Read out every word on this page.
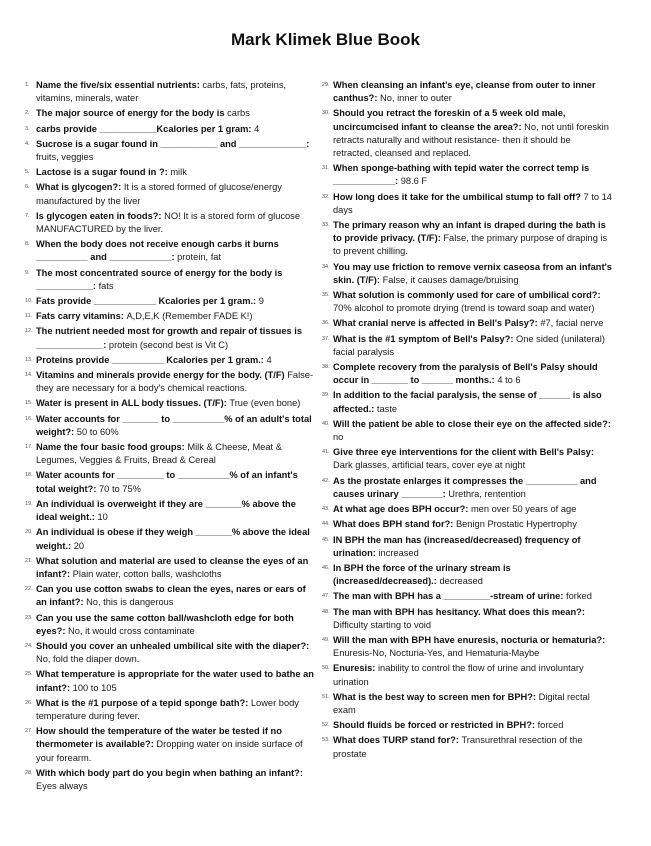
Mark Klimek Blue Book
1. Name the five/six essential nutrients: carbs, fats, proteins, vitamins, minerals, water
2. The major source of energy for the body is carbs
3. carbs provide ___________Kcalories per 1 gram: 4
4. Sucrose is a sugar found in ___________ and _____________: fruits, veggies
5. Lactose is a sugar found in ?: milk
6. What is glycogen?: It is a stored formed of glucose/energy manufactured by the liver
7. Is glycogen eaten in foods?: NO! It is a stored form of glucose MANUFACTURED by the liver.
8. When the body does not receive enough carbs it burns __________ and ____________: protein, fat
9. The most concentrated source of energy for the body is ___________: fats
10. Fats provide ____________ Kcalories per 1 gram.: 9
11. Fats carry vitamins: A,D,E,K (Remember FADE K!)
12. The nutrient needed most for growth and repair of tissues is _____________: protein (second best is Vit C)
13. Proteins provide __________ Kcalories per 1 gram.: 4
14. Vitamins and minerals provide energy for the body. (T/F) False- they are necessary for a body's chemical reactions.
15. Water is present in ALL body tissues. (T/F): True (even bone)
16. Water accounts for _______ to __________% of an adult's total weight?: 50 to 60%
17. Name the four basic food groups: Milk & Cheese, Meat & Legumes, Veggies & Fruits, Bread & Cereal
18. Water acounts for _________ to __________% of an infant's total weight?: 70 to 75%
19. An individual is overweight if they are _______% above the ideal weight.: 10
20. An individual is obese if they weigh _______% above the ideal weight.: 20
21. What solution and material are used to cleanse the eyes of an infant?: Plain water, cotton balls, washcloths
22. Can you use cotton swabs to clean the eyes, nares or ears of an infant?: No, this is dangerous
23. Can you use the same cotton ball/washcloth edge for both eyes?: No, it would cross contaminate
24. Should you cover an unhealed umbilical site with the diaper?: No, fold the diaper down.
25. What temperature is appropriate for the water used to bathe an infant?: 100 to 105
26. What is the #1 purpose of a tepid sponge bath?: Lower body temperature during fever.
27. How should the temperature of the water be tested if no thermometer is available?: Dropping water on inside surface of your forearm.
28. With which body part do you begin when bathing an infant?: Eyes always
29. When cleansing an infant's eye, cleanse from outer to inner canthus?: No, inner to outer
30. Should you retract the foreskin of a 5 week old male, uncircumcised infant to cleanse the area?: No, not until foreskin retracts naturally and without resistance- then it should be retracted, cleansed and replaced.
31. When sponge-bathing with tepid water the correct temp is ____________: 98.6 F
32. How long does it take for the umbilical stump to fall off? 7 to 14 days
33. The primary reason why an infant is draped during the bath is to provide privacy. (T/F): False, the primary purpose of draping is to prevent chilling.
34. You may use friction to remove vernix caseosa from an infant's skin. (T/F): False, it causes damage/bruising
35. What solution is commonly used for care of umbilical cord?: 70% alcohol to promote drying (trend is toward soap and water)
36. What cranial nerve is affected in Bell's Palsy?: #7, facial nerve
37. What is the #1 symptom of Bell's Palsy?: One sided (unilateral) facial paralysis
38. Complete recovery from the paralysis of Bell's Palsy should occur in _______ to ______ months.: 4 to 6
39. In addition to the facial paralysis, the sense of ______ is also affected.: taste
40. Will the patient be able to close their eye on the affected side?: no
41. Give three eye interventions for the client with Bell's Palsy: Dark glasses, artificial tears, cover eye at night
42. As the prostate enlarges it compresses the __________ and causes urinary ________: Urethra, rentention
43. At what age does BPH occur?: men over 50 years of age
44. What does BPH stand for?: Benign Prostatic Hypertrophy
45. IN BPH the man has (increased/decreased) frequency of urination: increased
46. In BPH the force of the urinary stream is (increased/decreased).: decreased
47. The man with BPH has a _________-stream of urine: forked
48. The man with BPH has hesitancy. What does this mean?: Difficulty starting to void
49. Will the man with BPH have enuresis, nocturia or hematuria?: Enuresis-No, Nocturia-Yes, and Hematuria-Maybe
50. Enuresis: inability to control the flow of urine and involuntary urination
51. What is the best way to screen men for BPH?: Digital rectal exam
52. Should fluids be forced or restricted in BPH?: forced
53. What does TURP stand for?: Transurethral resection of the prostate
